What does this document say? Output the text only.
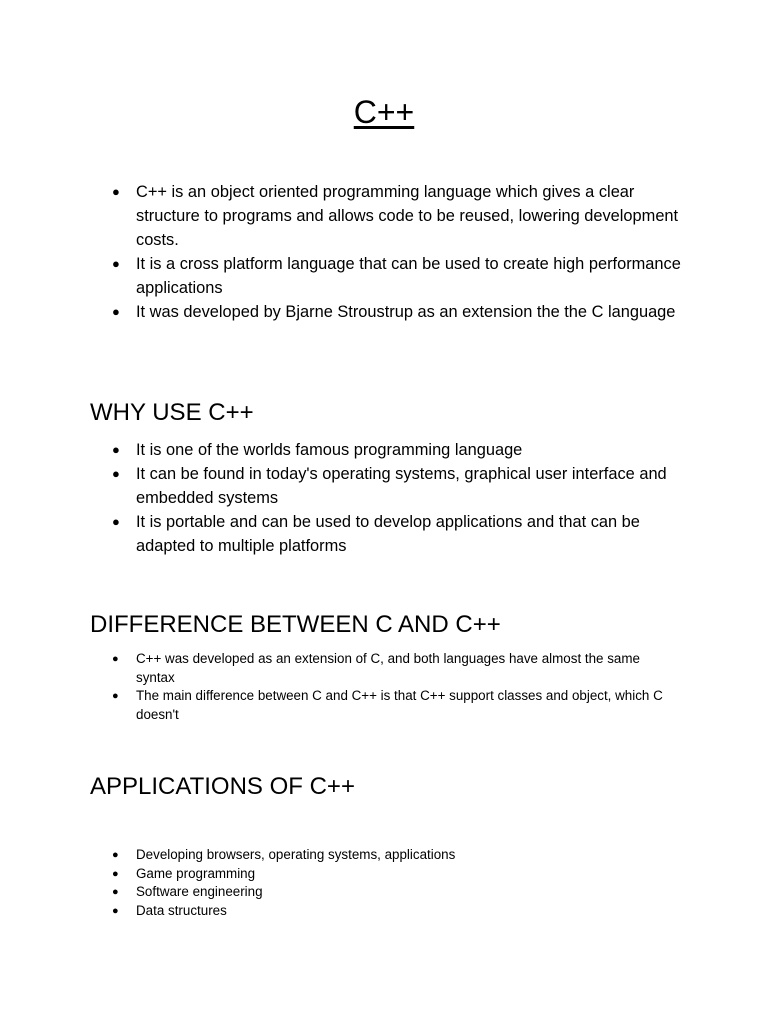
C++
● C++ is an object oriented programming language which gives a clear structure to programs and allows code to be reused, lowering development costs.
● It is a cross platform language that can be used to create high performance applications
● It was developed by Bjarne Stroustrup as an extension the the C language
WHY USE C++
● It is one of the worlds famous programming language
● It can be found in today's operating systems, graphical user interface and embedded systems
● It is portable and can be used to develop applications and that can be adapted to multiple platforms
DIFFERENCE BETWEEN C AND C++
● C++ was developed as an extension of C, and both languages have almost the same syntax
● The main difference between C and C++ is that C++ support classes and object, which C doesn't
APPLICATIONS OF C++
● Developing browsers, operating systems, applications
● Game programming
● Software engineering
● Data structures
